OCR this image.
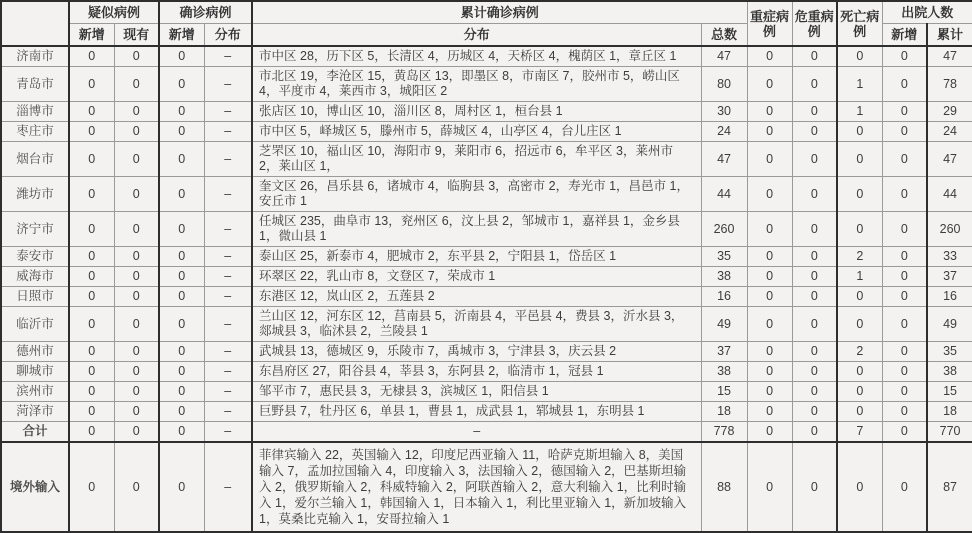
	疑似病例		确诊病例		累计确诊病例		重症病例	危重病例	死亡病例	出院人数	
	新增	现有	新增	分布	分布	总数				新增	累计
济南市	0	0	0	–	市中区 28，历下区 5，长清区 4，历城区 4，天桥区 4，槐荫区 1，章丘区 1	47	0	0	0	0	47
青岛市	0	0	0	–	市北区 19，李沧区 15，黄岛区 13，即墨区 8，市南区 7，胶州市 5，崂山区 4，平度市 4，莱西市 3，城阳区 2	80	0	0	1	0	78
淄博市	0	0	0	–	张店区 10，博山区 10，淄川区 8，周村区 1，桓台县 1	30	0	0	1	0	29
枣庄市	0	0	0	–	市中区 5，峄城区 5，滕州市 5，薛城区 4，山亭区 4，台儿庄区 1	24	0	0	0	0	24
烟台市	0	0	0	–	芝罘区 10，福山区 10，海阳市 9，莱阳市 6，招远市 6，牟平区 3，莱州市 2，莱山区 1，	47	0	0	0	0	47
潍坊市	0	0	0	–	奎文区 26，昌乐县 6，诸城市 4，临朐县 3，高密市 2，寿光市 1，昌邑市 1，安丘市 1	44	0	0	0	0	44
济宁市	0	0	0	–	任城区 235，曲阜市 13，兖州区 6，汶上县 2，邹城市 1，嘉祥县 1，金乡县 1，微山县 1	260	0	0	0	0	260
泰安市	0	0	0	–	泰山区 25，新泰市 4，肥城市 2，东平县 2，宁阳县 1，岱岳区 1	35	0	0	2	0	33
威海市	0	0	0	–	环翠区 22，乳山市 8，文登区 7，荣成市 1	38	0	0	1	0	37
日照市	0	0	0	–	东港区 12，岚山区 2，五莲县 2	16	0	0	0	0	16
临沂市	0	0	0	–	兰山区 12，河东区 12，莒南县 5，沂南县 4，平邑县 4，费县 3，沂水县 3，郯城县 3，临沭县 2，兰陵县 1	49	0	0	0	0	49
德州市	0	0	0	–	武城县 13，德城区 9，乐陵市 7，禹城市 3，宁津县 3，庆云县 2	37	0	0	2	0	35
聊城市	0	0	0	–	东昌府区 27，阳谷县 4，莘县 3，东阿县 2，临清市 1，冠县 1	38	0	0	0	0	38
滨州市	0	0	0	–	邹平市 7，惠民县 3，无棣县 3，滨城区 1，阳信县 1	15	0	0	0	0	15
菏泽市	0	0	0	–	巨野县 7，牡丹区 6，单县 1，曹县 1，成武县 1，郓城县 1，东明县 1	18	0	0	0	0	18
合计	0	0	0	–	–	778	0	0	7	0	770
境外输入	0	0	0	–	菲律宾输入 22，英国输入 12，印度尼西亚输入 11，哈萨克斯坦输入 8，美国输入 7，孟加拉国输入 4，印度输入 3，法国输入 2，德国输入 2，巴基斯坦输入 2，俄罗斯输入 2，科威特输入 2，阿联酋输入 2，意大利输入 1，比利时输入 1，爱尔兰输入 1，韩国输入 1，日本输入 1，利比里亚输入 1，新加坡输入 1，莫桑比克输入 1，安哥拉输入 1	88	0	0	0	0	87
